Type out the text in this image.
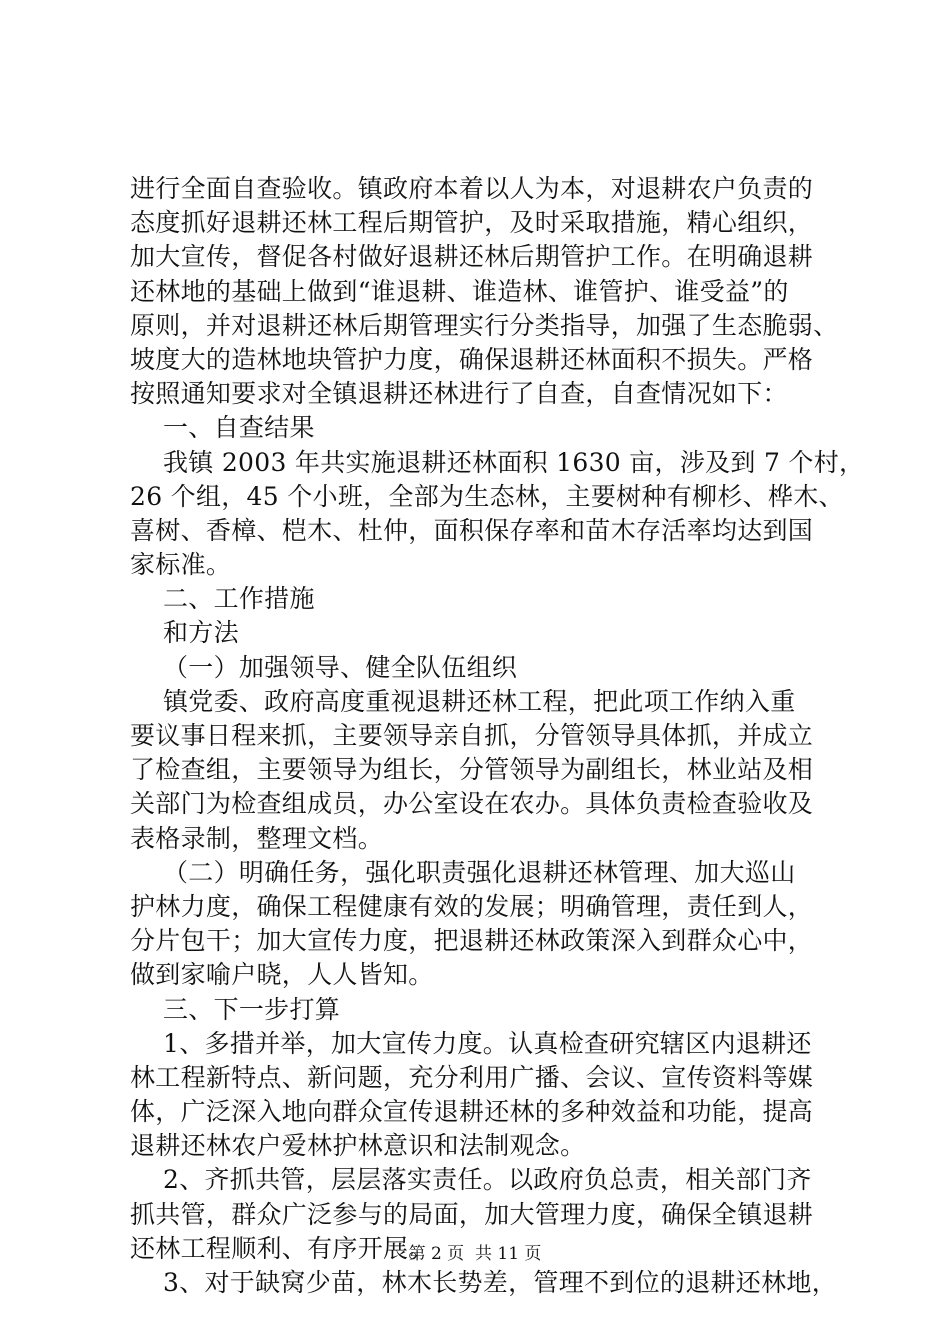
进行全面自查验收。镇政府本着以人为本，对退耕农户负责的
态度抓好退耕还林工程后期管护，及时采取措施，精心组织，
加大宣传，督促各村做好退耕还林后期管护工作。在明确退耕
还林地的基础上做到“谁退耕、谁造林、谁管护、谁受益”的
原则，并对退耕还林后期管理实行分类指导，加强了生态脆弱、
坡度大的造林地块管护力度，确保退耕还林面积不损失。严格
按照通知要求对全镇退耕还林进行了自查，自查情况如下：
一、自查结果
我镇 2003 年共实施退耕还林面积 1630 亩，涉及到 7 个村，
26 个组，45 个小班，全部为生态林，主要树种有柳杉、桦木、
喜树、香樟、桤木、杜仲，面积保存率和苗木存活率均达到国
家标准。
二、工作措施
和方法
（一）加强领导、健全队伍组织
镇党委、政府高度重视退耕还林工程，把此项工作纳入重
要议事日程来抓，主要领导亲自抓，分管领导具体抓，并成立
了检查组，主要领导为组长，分管领导为副组长，林业站及相
关部门为检查组成员，办公室设在农办。具体负责检查验收及
表格录制，整理文档。
（二）明确任务，强化职责强化退耕还林管理、加大巡山
护林力度，确保工程健康有效的发展；明确管理，责任到人，
分片包干；加大宣传力度，把退耕还林政策深入到群众心中，
做到家喻户晓，人人皆知。
三、下一步打算
1、多措并举，加大宣传力度。认真检查研究辖区内退耕还
林工程新特点、新问题，充分利用广播、会议、宣传资料等媒
体，广泛深入地向群众宣传退耕还林的多种效益和功能，提高
退耕还林农户爱林护林意识和法制观念。
2、齐抓共管，层层落实责任。以政府负总责，相关部门齐
抓共管，群众广泛参与的局面，加大管理力度，确保全镇退耕
还林工程顺利、有序开展。
3、对于缺窝少苗，林木长势差，管理不到位的退耕还林地，
第 2 页  共 11 页
